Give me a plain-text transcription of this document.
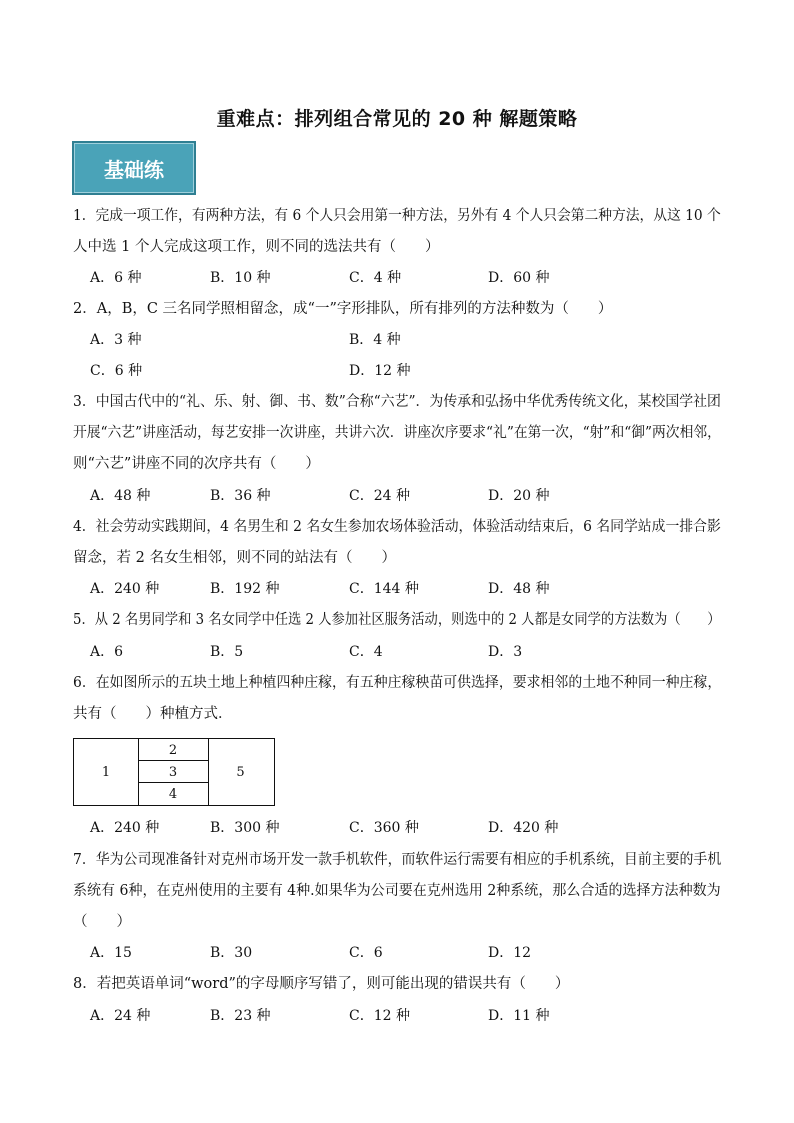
重难点：排列组合常见的 20 种 解题策略
基础练
1．完成一项工作，有两种方法，有 6 个人只会用第一种方法，另外有 4 个人只会第二种方法，从这 10 个
人中选 1 个人完成这项工作，则不同的选法共有（　　）
A．6 种	B．10 种	C．4 种	D．60 种
2．A，B，C 三名同学照相留念，成“一”字形排队，所有排列的方法种数为（　　）
A．3 种	B．4 种
C．6 种	D．12 种
3．中国古代中的“礼、乐、射、御、书、数”合称“六艺”．为传承和弘扬中华优秀传统文化，某校国学社团
开展“六艺”讲座活动，每艺安排一次讲座，共讲六次．讲座次序要求“礼”在第一次，“射”和“御”两次相邻，
则“六艺”讲座不同的次序共有（　　）
A．48 种	B．36 种	C．24 种	D．20 种
4．社会劳动实践期间，4 名男生和 2 名女生参加农场体验活动，体验活动结束后，6 名同学站成一排合影
留念，若 2 名女生相邻，则不同的站法有（　　）
A．240 种	B．192 种	C．144 种	D．48 种
5．从 2 名男同学和 3 名女同学中任选 2 人参加社区服务活动，则选中的 2 人都是女同学的方法数为（　　）
A．6	B．5	C．4	D．3
6．在如图所示的五块土地上种植四种庄稼，有五种庄稼秧苗可供选择，要求相邻的土地不种同一种庄稼，
共有（　　）种植方式．
1
2
3
4
5
A．240 种	B．300 种	C．360 种	D．420 种
7．华为公司现准备针对克州市场开发一款手机软件，而软件运行需要有相应的手机系统，目前主要的手机
系统有 6种，在克州使用的主要有 4种.如果华为公司要在克州选用 2种系统，那么合适的选择方法种数为
（　　）
A．15	B．30	C．6	D．12
8．若把英语单词“word”的字母顺序写错了，则可能出现的错误共有（　　）
A．24 种	B．23 种	C．12 种	D．11 种
